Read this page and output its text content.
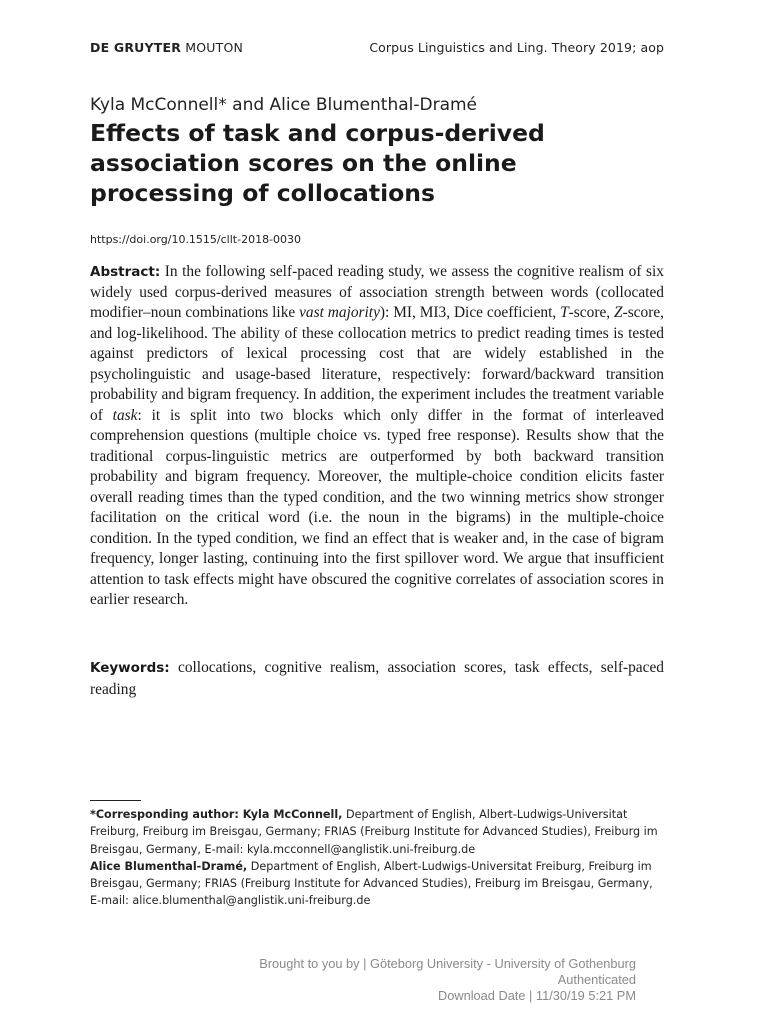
DE GRUYTER MOUTON	Corpus Linguistics and Ling. Theory 2019; aop
Kyla McConnell* and Alice Blumenthal-Dramé
Effects of task and corpus-derived association scores on the online processing of collocations
https://doi.org/10.1515/cllt-2018-0030

Abstract: In the following self-paced reading study, we assess the cognitive realism of six widely used corpus-derived measures of association strength between words (collocated modifier–noun combinations like vast majority): MI, MI3, Dice coefficient, T-score, Z-score, and log-likelihood. The ability of these collocation metrics to predict reading times is tested against predictors of lexical processing cost that are widely established in the psycholinguistic and usage-based literature, respectively: forward/backward transition probability and bigram frequency. In addition, the experiment includes the treatment variable of task: it is split into two blocks which only differ in the format of interleaved comprehension questions (multiple choice vs. typed free response). Results show that the traditional corpus-linguistic metrics are outperformed by both backward transition probability and bigram frequency. Moreover, the multiple-choice condition elicits faster overall reading times than the typed condition, and the two winning metrics show stronger facilitation on the critical word (i.e. the noun in the bigrams) in the multiple-choice condition. In the typed condition, we find an effect that is weaker and, in the case of bigram frequency, longer lasting, continuing into the first spillover word. We argue that insufficient attention to task effects might have obscured the cognitive correlates of association scores in earlier research.

Keywords: collocations, cognitive realism, association scores, task effects, self-paced reading

*Corresponding author: Kyla McConnell, Department of English, Albert-Ludwigs-Universitat Freiburg, Freiburg im Breisgau, Germany; FRIAS (Freiburg Institute for Advanced Studies), Freiburg im Breisgau, Germany, E-mail: kyla.mcconnell@anglistik.uni-freiburg.de

Alice Blumenthal-Dramé, Department of English, Albert-Ludwigs-Universitat Freiburg, Freiburg im Breisgau, Germany; FRIAS (Freiburg Institute for Advanced Studies), Freiburg im Breisgau, Germany, E-mail: alice.blumenthal@anglistik.uni-freiburg.de

Brought to you by | Göteborg University - University of Gothenburg
Authenticated
Download Date | 11/30/19 5:21 PM
